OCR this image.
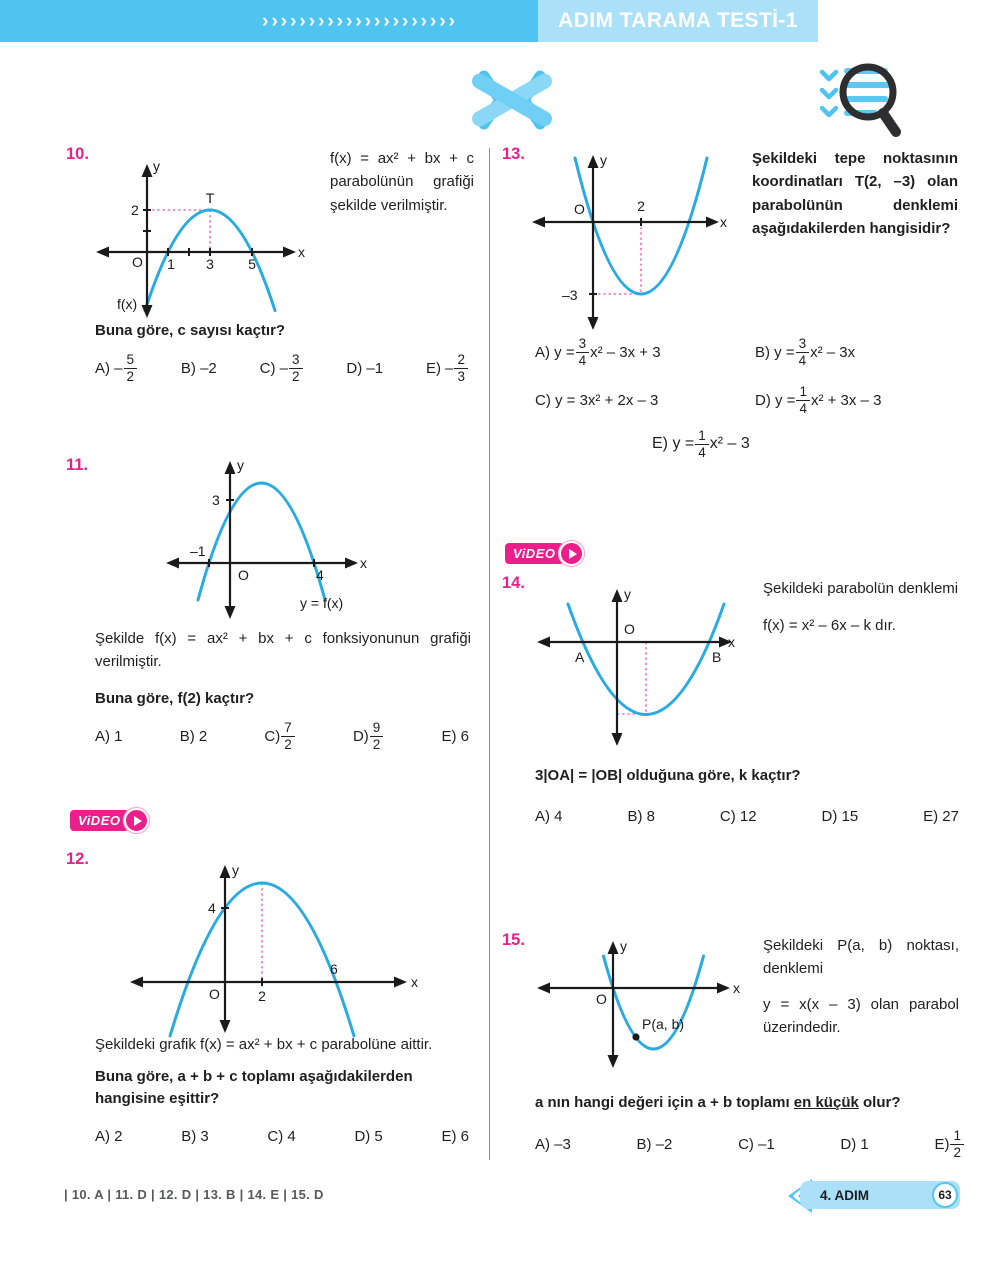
›››››››››››››››››››››	ADIM TARAMA TESTİ-1
10.
y
x
O
2
T
1 3 5
f(x)
f(x) = ax² + bx + c parabolünün grafiği şekilde verilmiştir.
Buna göre, c sayısı kaçtır?
$A) - \frac{5}{2}$	B) –2	$C) - \frac{3}{2}$	D) –1	$E) - \frac{2}{3}$
11.	y
x
O
3
–1
4
y = f(x)
Şekilde f(x) = ax² + bx + c fonksiyonunun grafiği verilmiştir.
Buna göre, f(2) kaçtır?
A) 1	B) 2	$C) \frac{7}{2}$	$D) \frac{9}{2}$	E) 6
ViDEO
12.
y
x
O
4
2
6
Şekildeki grafik f(x) = ax² + bx + c parabolüne aittir.
Buna göre, a + b + c toplamı aşağıdakilerden hangisine eşittir?
A) 2	B) 3	C) 4	D) 5	E) 6
13.	y
x
O	2
–3
Şekildeki tepe noktasının koordinatları T(2, –3) olan parabolünün denklemi aşağıdakilerden hangisidir?
A) $y = \frac{3}{4} x^2 - 3x + 3$	B) $y = \frac{3}{4} x^2 - 3x$
C) y = 3x² + 2x – 3	D) $y = \frac{1}{4} x^2 + 3x - 3$
E) $y = \frac{1}{4} x^2 - 3$
ViDEO
14.
y
x
O
A	B
Şekildeki parabolün denklemi
f(x) = x² – 6x – k dır.
3|OA| = |OB| olduğuna göre, k kaçtır?
A) 4	B) 8	C) 12	D) 15	E) 27
15.	y
x
O
P(a, b)
Şekildeki P(a, b) noktası, denklemi
y = x(x – 3) olan parabol üzerindedir.
a nın hangi değeri için a + b toplamı en küçük olur?
A) –3	B) –2	C) –1	D) 1	$E) \frac{1}{2}$
| 10. A | 11. D | 12. D | 13. B | 14. E | 15. D	4. ADIM	63
